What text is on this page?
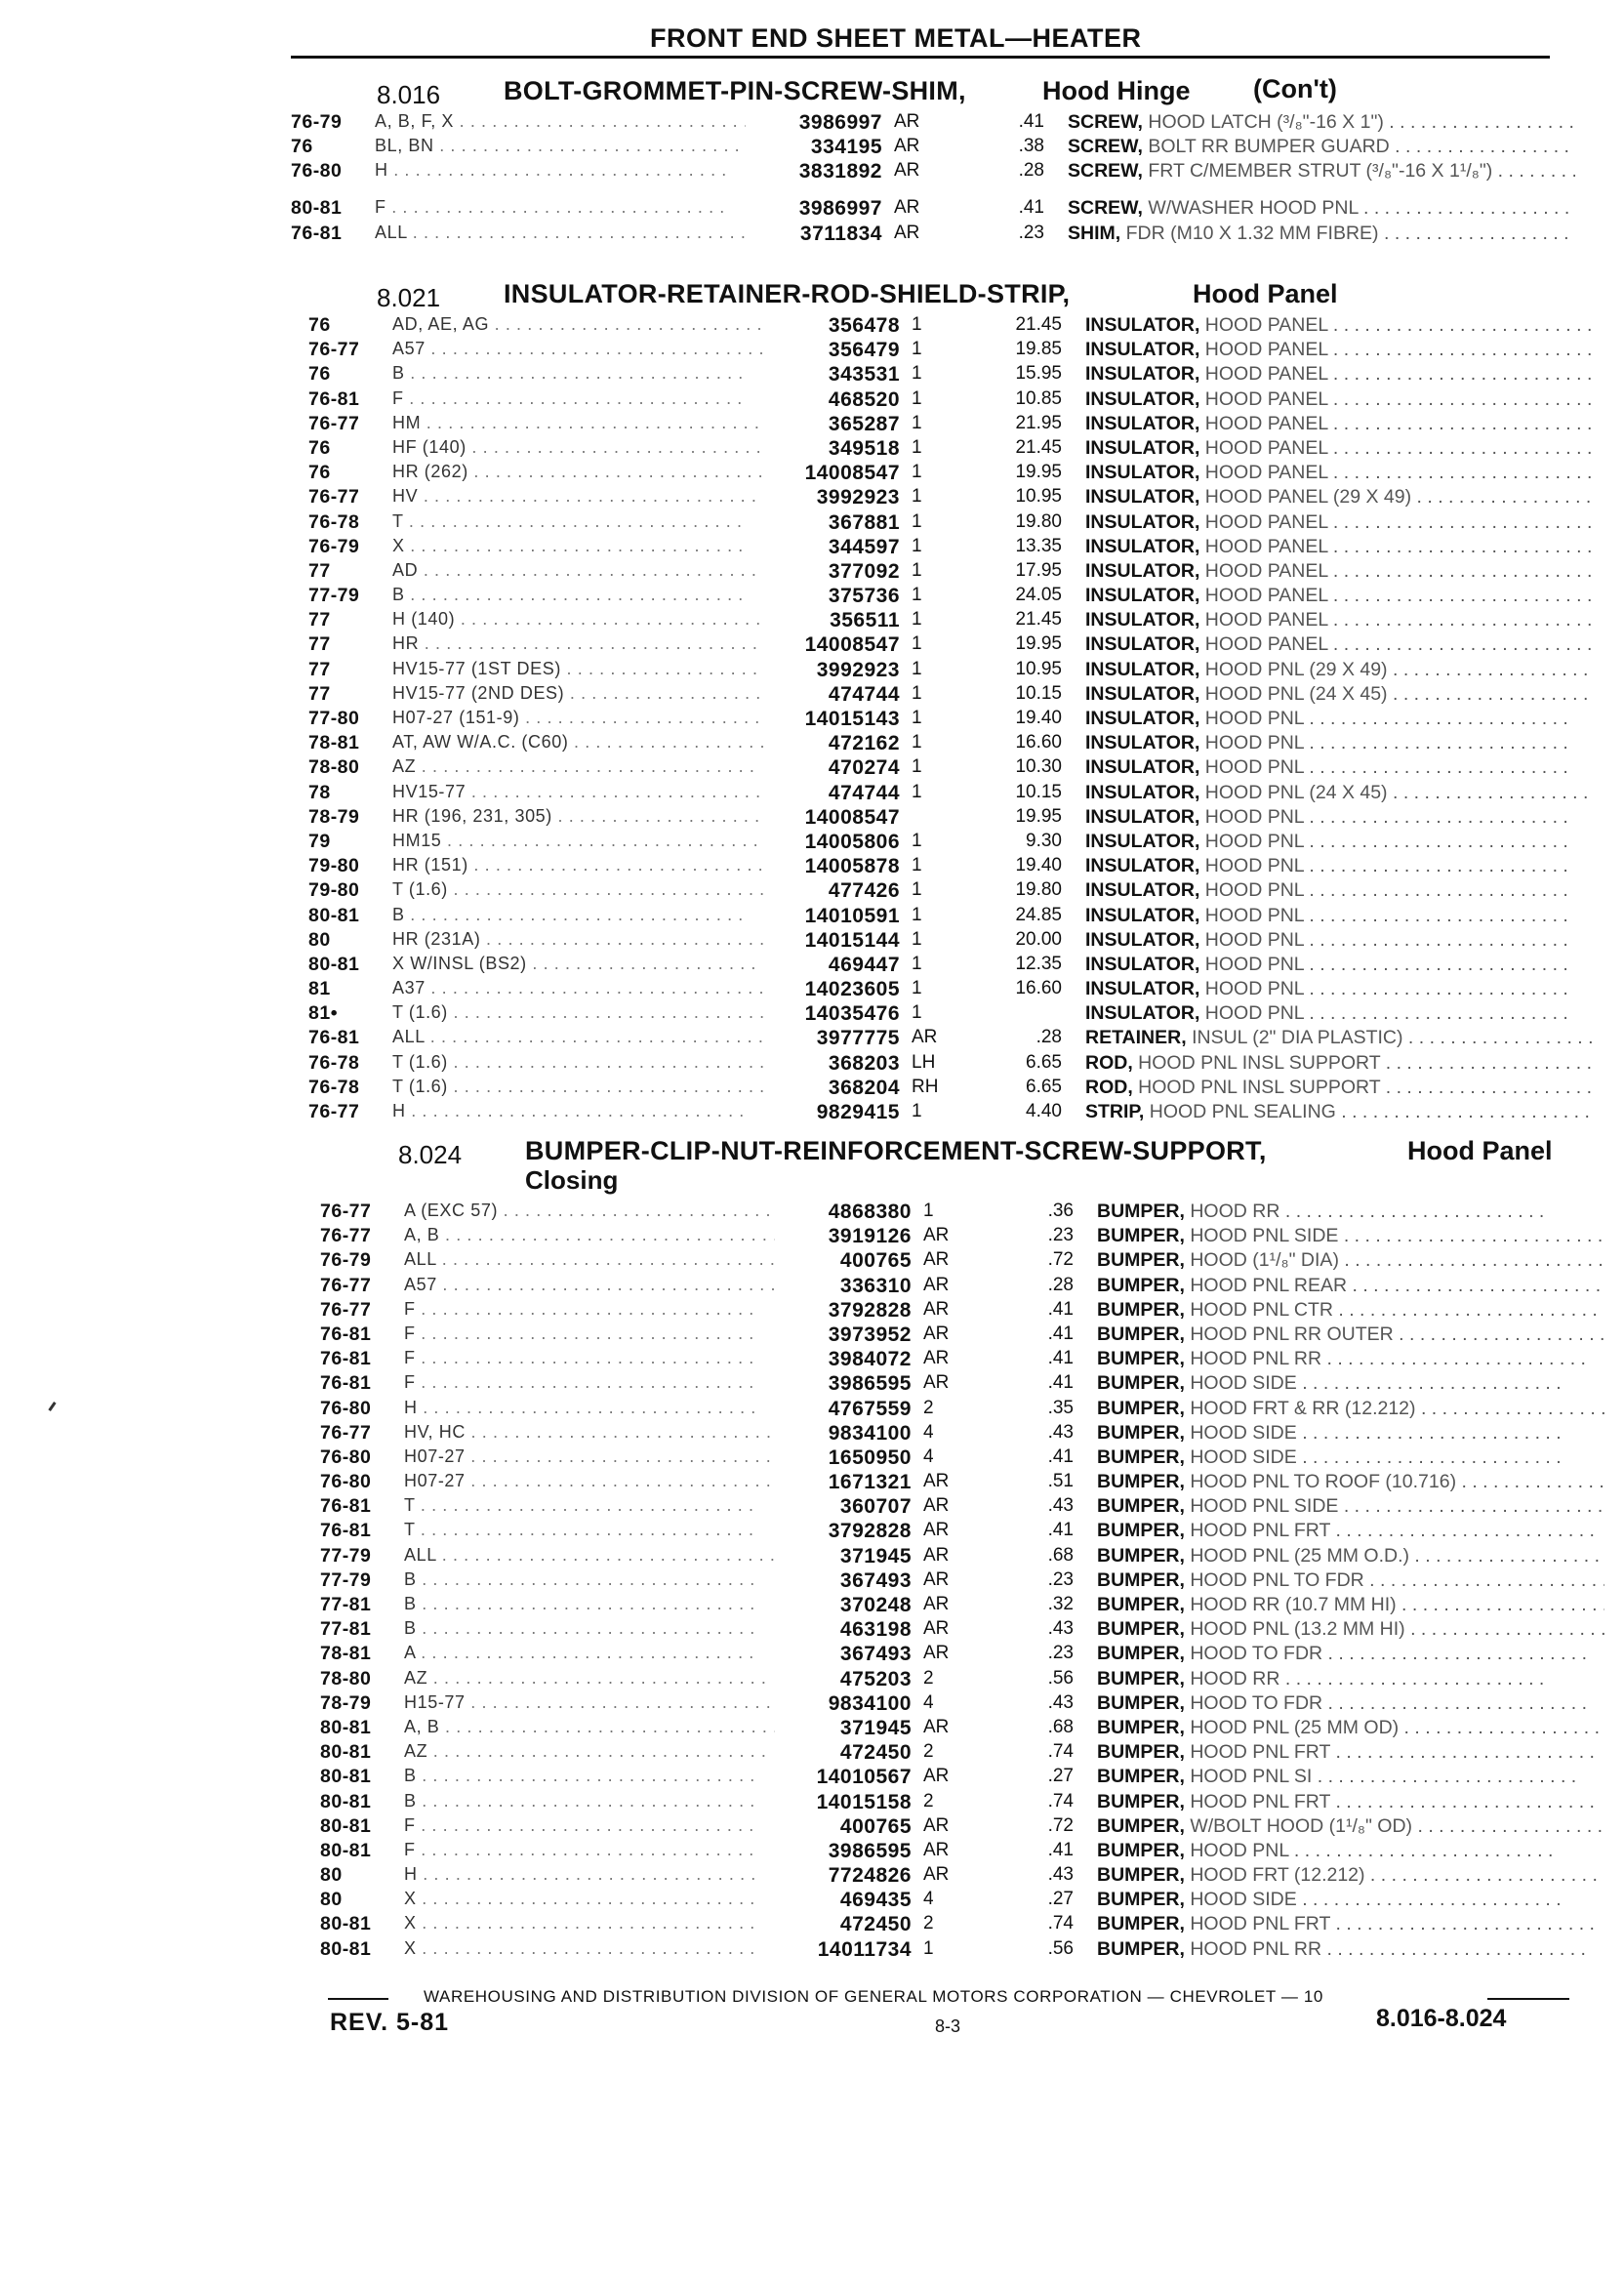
FRONT END SHEET METAL—HEATER
8.016 BOLT-GROMMET-PIN-SCREW-SHIM,	Hood Hinge (Con't)
76-79	A, B, F, X . . .	3986997 AR	.41 SCREW, HOOD LATCH (³/₈"-16 X 1") . . .
76	BL, BN . . .	334195 AR	.38 SCREW, BOLT RR BUMPER GUARD . . .
76-80	H . . .	3831892 AR	.28 SCREW, FRT C/MEMBER STRUT (³/₈"-16 X 1¹/₈") . . .
80-81	F . . .	3986997 AR	.41 SCREW, W/WASHER HOOD PNL . . .
76-81	ALL . . .	3711834 AR	.23 SHIM, FDR (M10 X 1.32 MM FIBRE) . . .
8.021 INSULATOR-RETAINER-ROD-SHIELD-STRIP,	Hood Panel
76	AD, AE, AG . . .	356478 1	21.45 INSULATOR, HOOD PANEL . . .
76-77	A57 . . .	356479 1	19.85 INSULATOR, HOOD PANEL . . .
76	B . . .	343531 1	15.95 INSULATOR, HOOD PANEL . . .
76-81	F . . .	468520 1	10.85 INSULATOR, HOOD PANEL . . .
76-77	HM . . .	365287 1	21.95 INSULATOR, HOOD PANEL . . .
76	HF (140) . . .	349518 1	21.45 INSULATOR, HOOD PANEL . . .
76	HR (262) . . .	14008547 1	19.95 INSULATOR, HOOD PANEL . . .
76-77	HV . . .	3992923 1	10.95 INSULATOR, HOOD PANEL (29 X 49) . . .
76-78	T . . .	367881 1	19.80 INSULATOR, HOOD PANEL . . .
76-79	X . . .	344597 1	13.35 INSULATOR, HOOD PANEL . . .
77	AD . . .	377092 1	17.95 INSULATOR, HOOD PANEL . . .
77-79	B . . .	375736 1	24.05 INSULATOR, HOOD PANEL . . .
77	H (140) . . .	356511 1	21.45 INSULATOR, HOOD PANEL . . .
77	HR . . .	14008547 1	19.95 INSULATOR, HOOD PANEL . . .
77	HV15-77 (1ST DES) . . .	3992923 1	10.95 INSULATOR, HOOD PNL (29 X 49) . . .
77	HV15-77 (2ND DES) . . .	474744 1	10.15 INSULATOR, HOOD PNL (24 X 45) . . .
77-80	H07-27 (151-9) . . .	14015143 1	19.40 INSULATOR, HOOD PNL . . .
78-81	AT, AW W/A.C. (C60) . . .	472162 1	16.60 INSULATOR, HOOD PNL . . .
78-80	AZ . . .	470274 1	10.30 INSULATOR, HOOD PNL . . .
78	HV15-77 . . .	474744 1	10.15 INSULATOR, HOOD PNL (24 X 45) . . .
78-79	HR (196, 231, 305) . . .	14008547	19.95 INSULATOR, HOOD PNL . . .
79	HM15 . . .	14005806 1	9.30 INSULATOR, HOOD PNL . . .
79-80	HR (151) . . .	14005878 1	19.40 INSULATOR, HOOD PNL . . .
79-80	T (1.6) . . .	477426 1	19.80 INSULATOR, HOOD PNL . . .
80-81	B . . .	14010591 1	24.85 INSULATOR, HOOD PNL . . .
80	HR (231A) . . .	14015144 1	20.00 INSULATOR, HOOD PNL . . .
80-81	X W/INSL (BS2) . . .	469447 1	12.35 INSULATOR, HOOD PNL . . .
81	A37 . . .	14023605 1	16.60 INSULATOR, HOOD PNL . . .
81•	T (1.6) . . .	14035476 1	INSULATOR, HOOD PNL . . .
76-81	ALL . . .	3977775 AR	.28 RETAINER, INSUL (2" DIA PLASTIC) . . .
76-78	T (1.6) . . .	368203 LH	6.65 ROD, HOOD PNL INSL SUPPORT . . .
76-78	T (1.6) . . .	368204 RH	6.65 ROD, HOOD PNL INSL SUPPORT . . .
76-77	H . . .	9829415 1	4.40 STRIP, HOOD PNL SEALING . . .
8.024 BUMPER-CLIP-NUT-REINFORCEMENT-SCREW-SUPPORT,	Hood Panel
Closing
76-77	A (EXC 57) . . .	4868380 1	.36 BUMPER, HOOD RR . . .
76-77	A, B . . .	3919126 AR	.23 BUMPER, HOOD PNL SIDE . . .
76-79	ALL . . .	400765 AR	.72 BUMPER, HOOD (1¹/₈" DIA) . . .
76-77	A57 . . .	336310 AR	.28 BUMPER, HOOD PNL REAR . . .
76-77	F . . .	3792828 AR	.41 BUMPER, HOOD PNL CTR . . .
76-81	F . . .	3973952 AR	.41 BUMPER, HOOD PNL RR OUTER . . .
76-81	F . . .	3984072 AR	.41 BUMPER, HOOD PNL RR . . .
76-81	F . . .	3986595 AR	.41 BUMPER, HOOD SIDE . . .
76-80	H . . .	4767559 2	.35 BUMPER, HOOD FRT & RR (12.212) . . .
76-77	HV, HC . . .	9834100 4	.43 BUMPER, HOOD SIDE . . .
76-80	H07-27 . . .	1650950 4	.41 BUMPER, HOOD SIDE . . .
76-80	H07-27 . . .	1671321 AR	.51 BUMPER, HOOD PNL TO ROOF (10.716) . . .
76-81	T . . .	360707 AR	.43 BUMPER, HOOD PNL SIDE . . .
76-81	T . . .	3792828 AR	.41 BUMPER, HOOD PNL FRT . . .
77-79	ALL . . .	371945 AR	.68 BUMPER, HOOD PNL (25 MM O.D.) . . .
77-79	B . . .	367493 AR	.23 BUMPER, HOOD PNL TO FDR . . .
77-81	B . . .	370248 AR	.32 BUMPER, HOOD RR (10.7 MM HI) . . .
77-81	B . . .	463198 AR	.43 BUMPER, HOOD PNL (13.2 MM HI) . . .
78-81	A . . .	367493 AR	.23 BUMPER, HOOD TO FDR . . .
78-80	AZ . . .	475203 2	.56 BUMPER, HOOD RR . . .
78-79	H15-77 . . .	9834100 4	.43 BUMPER, HOOD TO FDR . . .
80-81	A, B . . .	371945 AR	.68 BUMPER, HOOD PNL (25 MM OD) . . .
80-81	AZ . . .	472450 2	.74 BUMPER, HOOD PNL FRT . . .
80-81	B . . .	14010567 AR	.27 BUMPER, HOOD PNL SI . . .
80-81	B . . .	14015158 2	.74 BUMPER, HOOD PNL FRT . . .
80-81	F . . .	400765 AR	.72 BUMPER, W/BOLT HOOD (1¹/₈" OD) . . .
80-81	F . . .	3986595 AR	.41 BUMPER, HOOD PNL . . .
80	H . . .	7724826 AR	.43 BUMPER, HOOD FRT (12.212) . . .
80	X . . .	469435 4	.27 BUMPER, HOOD SIDE . . .
80-81	X . . .	472450 2	.74 BUMPER, HOOD PNL FRT . . .
80-81	X . . .	14011734 1	.56 BUMPER, HOOD PNL RR . . .
WAREHOUSING AND DISTRIBUTION DIVISION OF GENERAL MOTORS CORPORATION — CHEVROLET — 10
REV. 5-81	8-3	8.016-8.024
